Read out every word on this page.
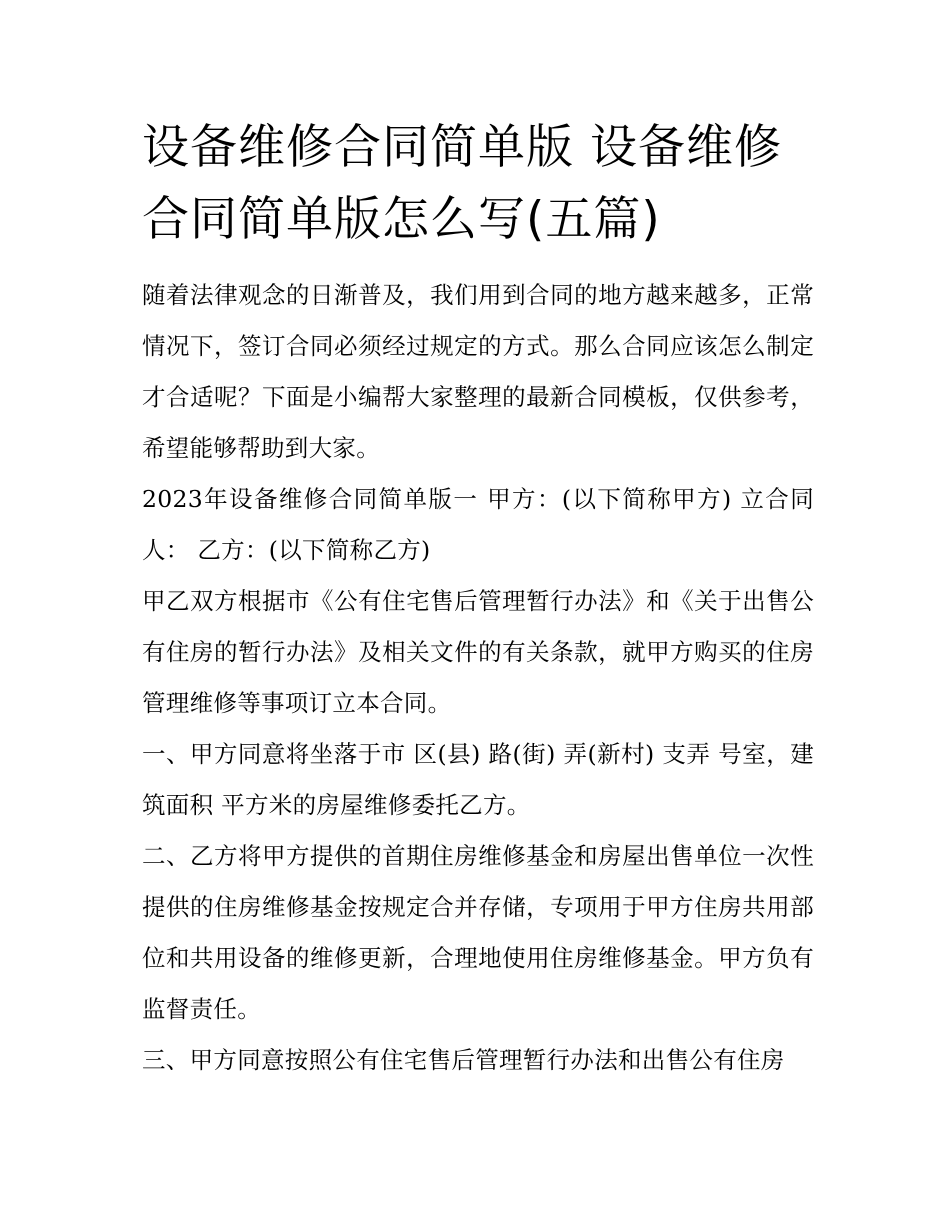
设备维修合同简单版 设备维修合同简单版怎么写(五篇)

随着法律观念的日渐普及，我们用到合同的地方越来越多，正常情况下，签订合同必须经过规定的方式。那么合同应该怎么制定才合适呢？下面是小编帮大家整理的最新合同模板，仅供参考，希望能够帮助到大家。

2023年设备维修合同简单版一 甲方：(以下简称甲方) 立合同人： 乙方：(以下简称乙方)

甲乙双方根据市《公有住宅售后管理暂行办法》和《关于出售公有住房的暂行办法》及相关文件的有关条款，就甲方购买的住房管理维修等事项订立本合同。

一、甲方同意将坐落于市 区(县) 路(街) 弄(新村) 支弄 号室，建筑面积 平方米的房屋维修委托乙方。

二、乙方将甲方提供的首期住房维修基金和房屋出售单位一次性提供的住房维修基金按规定合并存储，专项用于甲方住房共用部位和共用设备的维修更新，合理地使用住房维修基金。甲方负有监督责任。

三、甲方同意按照公有住宅售后管理暂行办法和出售公有住房
